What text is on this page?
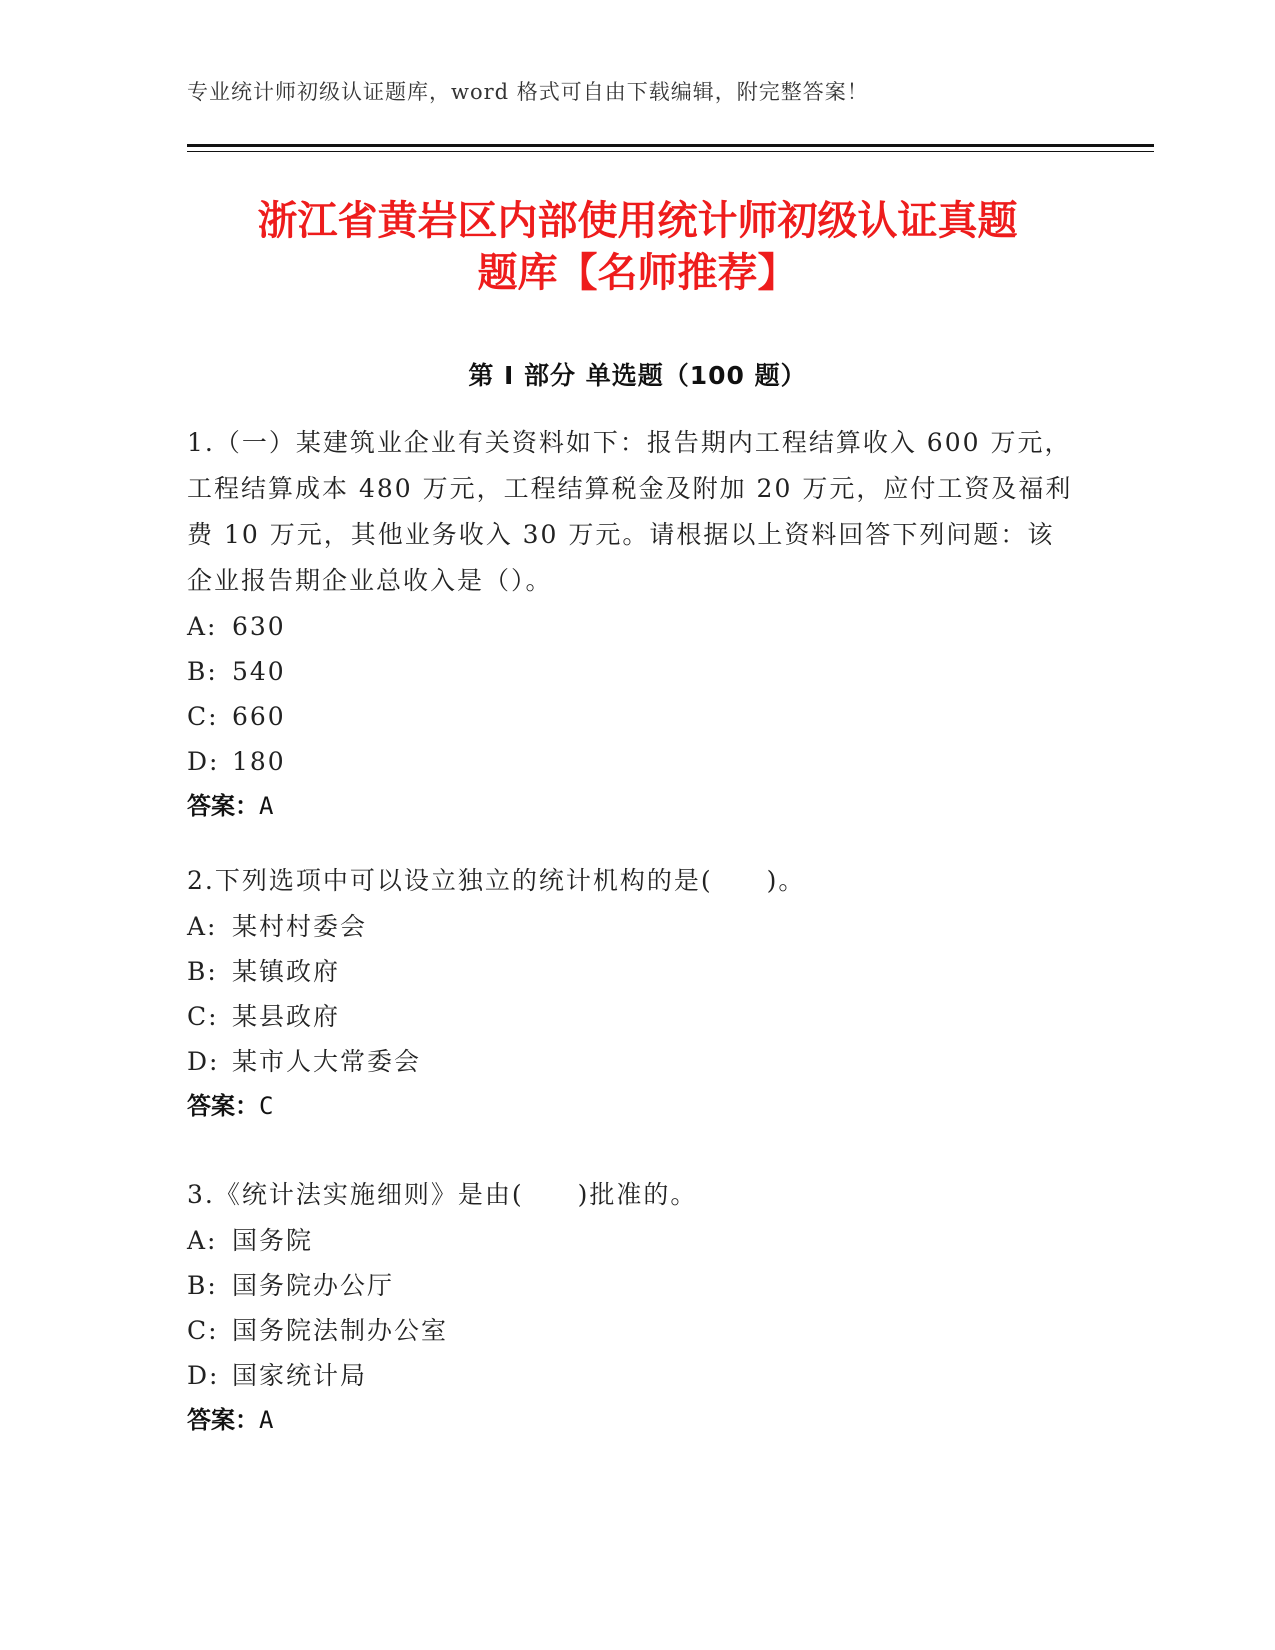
专业统计师初级认证题库，word 格式可自由下载编辑，附完整答案！
浙江省黄岩区内部使用统计师初级认证真题
题库【名师推荐】
第 I 部分 单选题（100 题）

1.（一）某建筑业企业有关资料如下：报告期内工程结算收入 600 万元，工程结算成本 480 万元，工程结算税金及附加 20 万元，应付工资及福利费 10 万元，其他业务收入 30 万元。请根据以上资料回答下列问题：该企业报告期企业总收入是（）。

A: 630

B: 540

C: 660

D: 180

答案：A

2.下列选项中可以设立独立的统计机构的是(　　)。

A: 某村村委会

B: 某镇政府

C: 某县政府

D: 某市人大常委会

答案：C

3.《统计法实施细则》是由(　　)批准的。

A: 国务院

B: 国务院办公厅

C: 国务院法制办公室

D: 国家统计局

答案：A
